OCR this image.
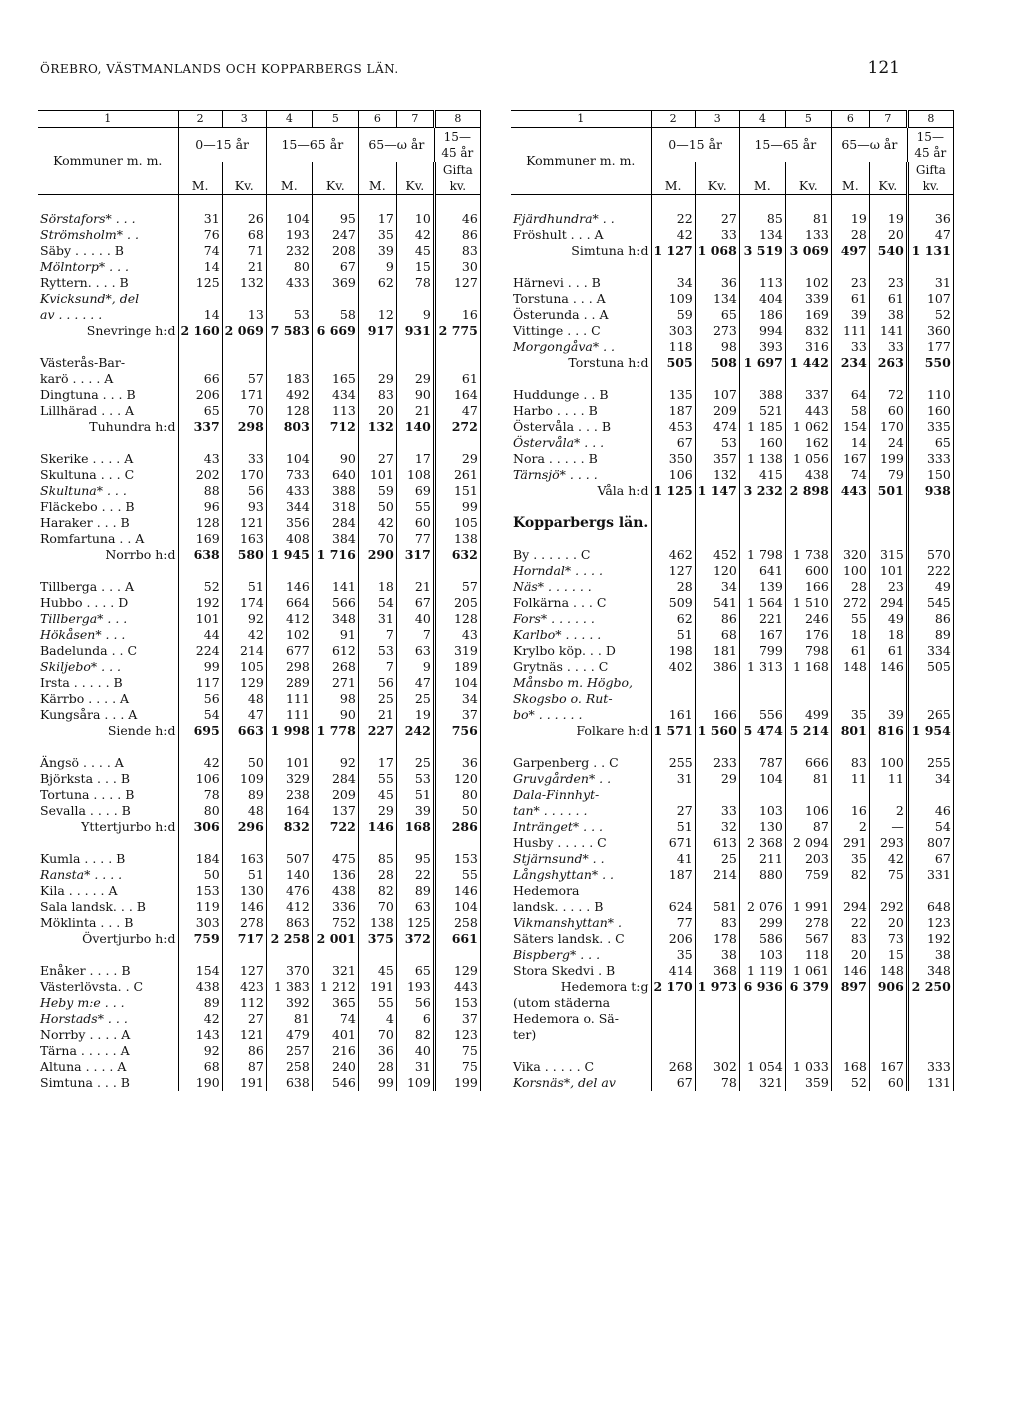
ÖREBRO, VÄSTMANLANDS OCH KOPPARBERGS LÄN.	121
1	2	3	4	5	6	7	8
Kommuner m. m.	0—15 år		15—65 år		65—ω år		15—45 år
	M.	Kv.	M.	Kv.	M.	Kv.	Gifta kv.

Sörstafors* . . .	31	26	104	95	17	10	46
Strömsholm* . .	76	68	193	247	35	42	86
Säby . . . . . B	74	71	232	208	39	45	83
Mölntorp* . . .	14	21	80	67	9	15	30
Ryttern. . . . B	125	132	433	369	62	78	127
Kvicksund*, del							
av . . . . . .	14	13	53	58	12	9	16
Snevringe h:d	2 160	2 069	7 583	6 669	917	931	2 775

Västerås-Bar-							
karö . . . . A	66	57	183	165	29	29	61
Dingtuna . . . B	206	171	492	434	83	90	164
Lillhärad . . . A	65	70	128	113	20	21	47
Tuhundra h:d	337	298	803	712	132	140	272

Skerike . . . . A	43	33	104	90	27	17	29
Skultuna . . . C	202	170	733	640	101	108	261
Skultuna* . . .	88	56	433	388	59	69	151
Fläckebo . . . B	96	93	344	318	50	55	99
Haraker . . . B	128	121	356	284	42	60	105
Romfartuna . . A	169	163	408	384	70	77	138
Norrbo h:d	638	580	1 945	1 716	290	317	632

Tillberga . . . A	52	51	146	141	18	21	57
Hubbo . . . . D	192	174	664	566	54	67	205
Tillberga* . . .	101	92	412	348	31	40	128
Hökåsen* . . .	44	42	102	91	7	7	43
Badelunda . . C	224	214	677	612	53	63	319
Skiljebo* . . .	99	105	298	268	7	9	189
Irsta . . . . . B	117	129	289	271	56	47	104
Kärrbo . . . . A	56	48	111	98	25	25	34
Kungsåra . . . A	54	47	111	90	21	19	37
Siende h:d	695	663	1 998	1 778	227	242	756

Ängsö . . . . A	42	50	101	92	17	25	36
Björksta . . . B	106	109	329	284	55	53	120
Tortuna . . . . B	78	89	238	209	45	51	80
Sevalla . . . . B	80	48	164	137	29	39	50
Yttertjurbo h:d	306	296	832	722	146	168	286

Kumla . . . . B	184	163	507	475	85	95	153
Ransta* . . . .	50	51	140	136	28	22	55
Kila . . . . . A	153	130	476	438	82	89	146
Sala landsk. . . B	119	146	412	336	70	63	104
Möklinta . . . B	303	278	863	752	138	125	258
Övertjurbo h:d	759	717	2 258	2 001	375	372	661

Enåker . . . . B	154	127	370	321	45	65	129
Västerlövsta. . C	438	423	1 383	1 212	191	193	443
Heby m:e . . .	89	112	392	365	55	56	153
Horstads* . . .	42	27	81	74	4	6	37
Norrby . . . . A	143	121	479	401	70	82	123
Tärna . . . . . A	92	86	257	216	36	40	75
Altuna . . . . A	68	87	258	240	28	31	75
Simtuna . . . B	190	191	638	546	99	109	199
1	2	3	4	5	6	7	8
Kommuner m. m.	0—15 år		15—65 år		65—ω år		15—45 år
	M.	Kv.	M.	Kv.	M.	Kv.	Gifta kv.

Fjärdhundra* . .	22	27	85	81	19	19	36
Fröshult . . . A	42	33	134	133	28	20	47
Simtuna h:d	1 127	1 068	3 519	3 069	497	540	1 131

Härnevi . . . B	34	36	113	102	23	23	31
Torstuna . . . A	109	134	404	339	61	61	107
Österunda . . A	59	65	186	169	39	38	52
Vittinge . . . C	303	273	994	832	111	141	360
Morgongåva* . .	118	98	393	316	33	33	177
Torstuna h:d	505	508	1 697	1 442	234	263	550

Huddunge . . B	135	107	388	337	64	72	110
Harbo . . . . B	187	209	521	443	58	60	160
Östervåla . . . B	453	474	1 185	1 062	154	170	335
Östervåla* . . .	67	53	160	162	14	24	65
Nora . . . . . B	350	357	1 138	1 056	167	199	333
Tärnsjö* . . . .	106	132	415	438	74	79	150
Våla h:d	1 125	1 147	3 232	2 898	443	501	938

Kopparbergs län.							

By . . . . . . C	462	452	1 798	1 738	320	315	570
Horndal* . . . .	127	120	641	600	100	101	222
Näs* . . . . . .	28	34	139	166	28	23	49
Folkärna . . . C	509	541	1 564	1 510	272	294	545
Fors* . . . . . .	62	86	221	246	55	49	86
Karlbo* . . . . .	51	68	167	176	18	18	89
Krylbo köp. . . D	198	181	799	798	61	61	334
Grytnäs . . . . C	402	386	1 313	1 168	148	146	505
Månsbo m. Högbo,							
Skogsbo o. Rut-							
bo* . . . . . .	161	166	556	499	35	39	265
Folkare h:d	1 571	1 560	5 474	5 214	801	816	1 954

Garpenberg . . C	255	233	787	666	83	100	255
Gruvgården* . .	31	29	104	81	11	11	34
Dala-Finnhyt-							
tan* . . . . . .	27	33	103	106	16	2	46
Intränget* . . .	51	32	130	87	2	—	54
Husby . . . . . C	671	613	2 368	2 094	291	293	807
Stjärnsund* . .	41	25	211	203	35	42	67
Långshyttan* . .	187	214	880	759	82	75	331
Hedemora							
landsk. . . . . B	624	581	2 076	1 991	294	292	648
Vikmanshyttan* .	77	83	299	278	22	20	123
Säters landsk. . C	206	178	586	567	83	73	192
Bispberg* . . .	35	38	103	118	20	15	38
Stora Skedvi . B	414	368	1 119	1 061	146	148	348
Hedemora t:g	2 170	1 973	6 936	6 379	897	906	2 250
(utom städerna							
Hedemora o. Sä-							
ter)							

Vika . . . . . C	268	302	1 054	1 033	168	167	333
Korsnäs*, del av	67	78	321	359	52	60	131
